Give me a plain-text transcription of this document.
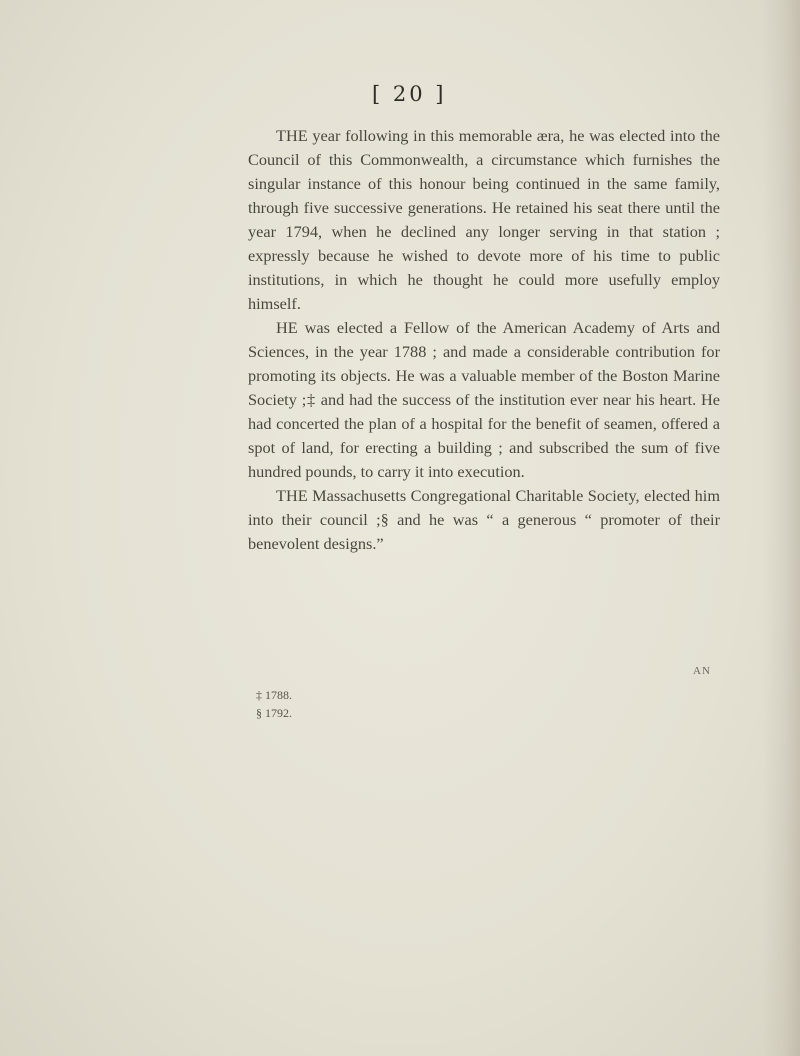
[ 20 ]

THE year following in this memorable æra, he was elected into the Council of this Commonwealth, a circumstance which furnishes the singular instance of this honour being continued in the same family, through five successive generations. He retained his seat there until the year 1794, when he declined any longer serving in that station ; expressly because he wished to devote more of his time to public institutions, in which he thought he could more usefully employ himself.

HE was elected a Fellow of the American Academy of Arts and Sciences, in the year 1788 ; and made a considerable contribution for promoting its objects. He was a valuable member of the Boston Marine Society ;‡ and had the success of the institution ever near his heart. He had concerted the plan of a hospital for the benefit of seamen, offered a spot of land, for erecting a building ; and subscribed the sum of five hundred pounds, to carry it into execution.

THE Massachusetts Congregational Charitable Society, elected him into their council ;§ and he was “ a generous “ promoter of their benevolent designs.”

AN
‡ 1788.
§ 1792.
